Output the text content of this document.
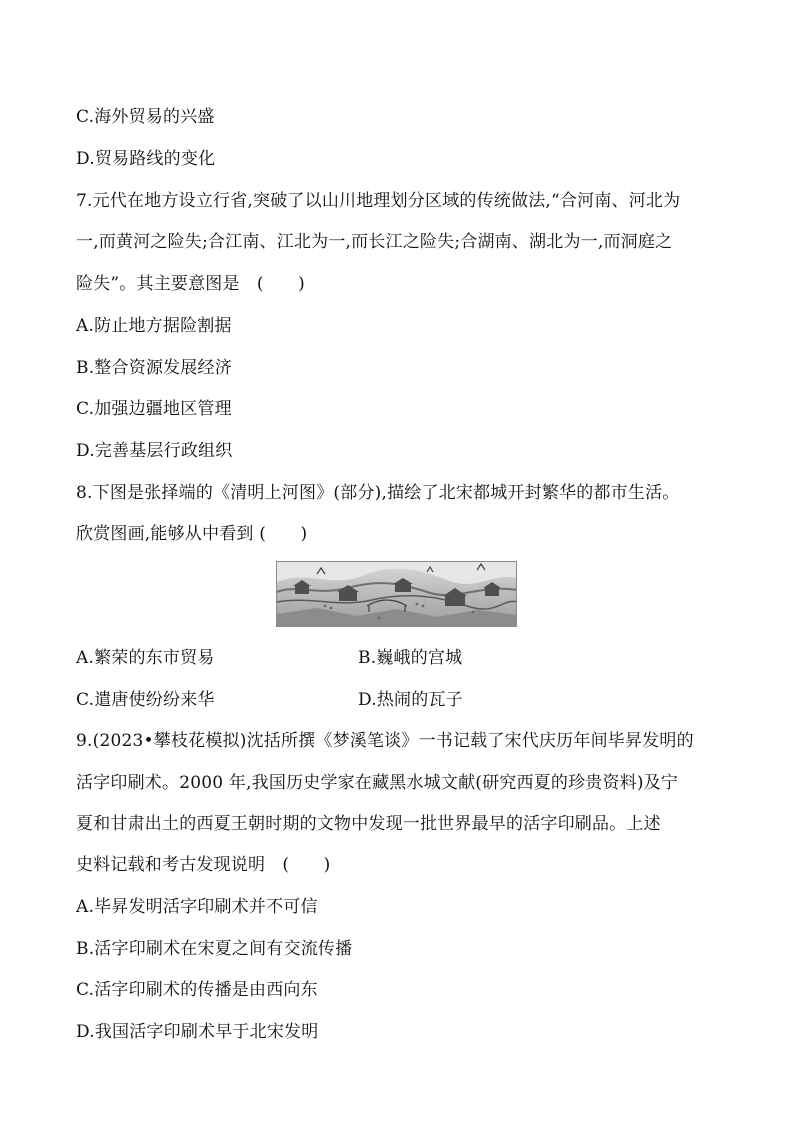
C.海外贸易的兴盛
D.贸易路线的变化
7.元代在地方设立行省,突破了以山川地理划分区域的传统做法,“合河南、河北为
一,而黄河之险失;合江南、江北为一,而长江之险失;合湖南、湖北为一,而洞庭之
险失”。其主要意图是　(　　)
A.防止地方据险割据
B.整合资源发展经济
C.加强边疆地区管理
D.完善基层行政组织
8.下图是张择端的《清明上河图》(部分),描绘了北宋都城开封繁华的都市生活。
欣赏图画,能够从中看到 (　　)
A.繁荣的东市贸易	B.巍峨的宫城
C.遣唐使纷纷来华	D.热闹的瓦子
9.(2023•攀枝花模拟)沈括所撰《梦溪笔谈》一书记载了宋代庆历年间毕昇发明的
活字印刷术。2000 年,我国历史学家在藏黑水城文献(研究西夏的珍贵资料)及宁
夏和甘肃出土的西夏王朝时期的文物中发现一批世界最早的活字印刷品。上述
史料记载和考古发现说明　(　　)
A.毕昇发明活字印刷术并不可信
B.活字印刷术在宋夏之间有交流传播
C.活字印刷术的传播是由西向东
D.我国活字印刷术早于北宋发明
